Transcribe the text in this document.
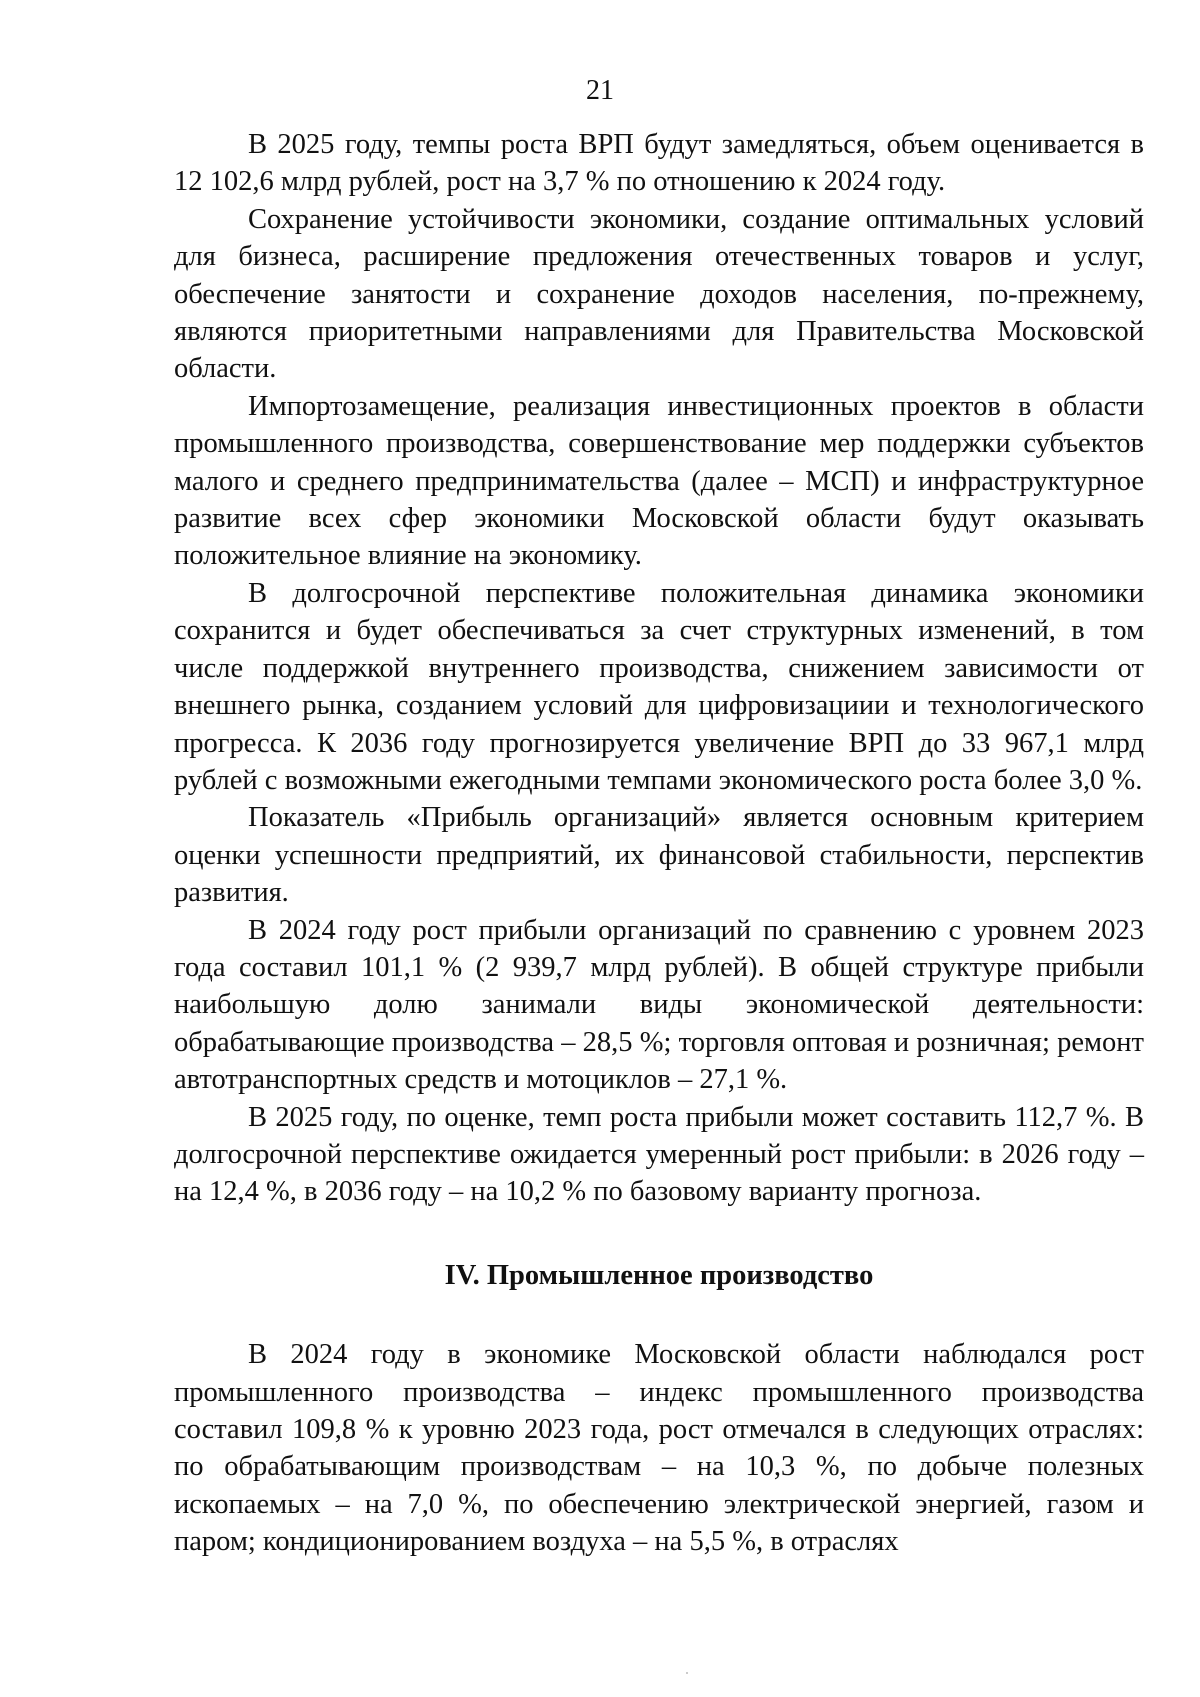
21

В 2025 году, темпы роста ВРП будут замедляться, объем оценивается в 12 102,6 млрд рублей, рост на 3,7 % по отношению к 2024 году.

Сохранение устойчивости экономики, создание оптимальных условий для бизнеса, расширение предложения отечественных товаров и услуг, обеспечение занятости и сохранение доходов населения, по-прежнему, являются приоритетными направлениями для Правительства Московской области.

Импортозамещение, реализация инвестиционных проектов в области промышленного производства, совершенствование мер поддержки субъектов малого и среднего предпринимательства (далее – МСП) и инфраструктурное развитие всех сфер экономики Московской области будут оказывать положительное влияние на экономику.

В долгосрочной перспективе положительная динамика экономики сохранится и будет обеспечиваться за счет структурных изменений, в том числе поддержкой внутреннего производства, снижением зависимости от внешнего рынка, созданием условий для цифровизациии и технологического прогресса. К 2036 году прогнозируется увеличение ВРП до 33 967,1 млрд рублей с возможными ежегодными темпами экономического роста более 3,0 %.

Показатель «Прибыль организаций» является основным критерием оценки успешности предприятий, их финансовой стабильности, перспектив развития.

В 2024 году рост прибыли организаций по сравнению с уровнем 2023 года составил 101,1 % (2 939,7 млрд рублей). В общей структуре прибыли наибольшую долю занимали виды экономической деятельности: обрабатывающие производства – 28,5 %; торговля оптовая и розничная; ремонт автотранспортных средств и мотоциклов – 27,1 %.

В 2025 году, по оценке, темп роста прибыли может составить 112,7 %. В долгосрочной перспективе ожидается умеренный рост прибыли: в 2026 году – на 12,4 %, в 2036 году – на 10,2 % по базовому варианту прогноза.

IV. Промышленное производство

В 2024 году в экономике Московской области наблюдался рост промышленного производства – индекс промышленного производства составил 109,8 % к уровню 2023 года, рост отмечался в следующих отраслях: по обрабатывающим производствам – на 10,3 %, по добыче полезных ископаемых – на 7,0 %, по обеспечению электрической энергией, газом и паром; кондиционированием воздуха – на 5,5 %, в отраслях
